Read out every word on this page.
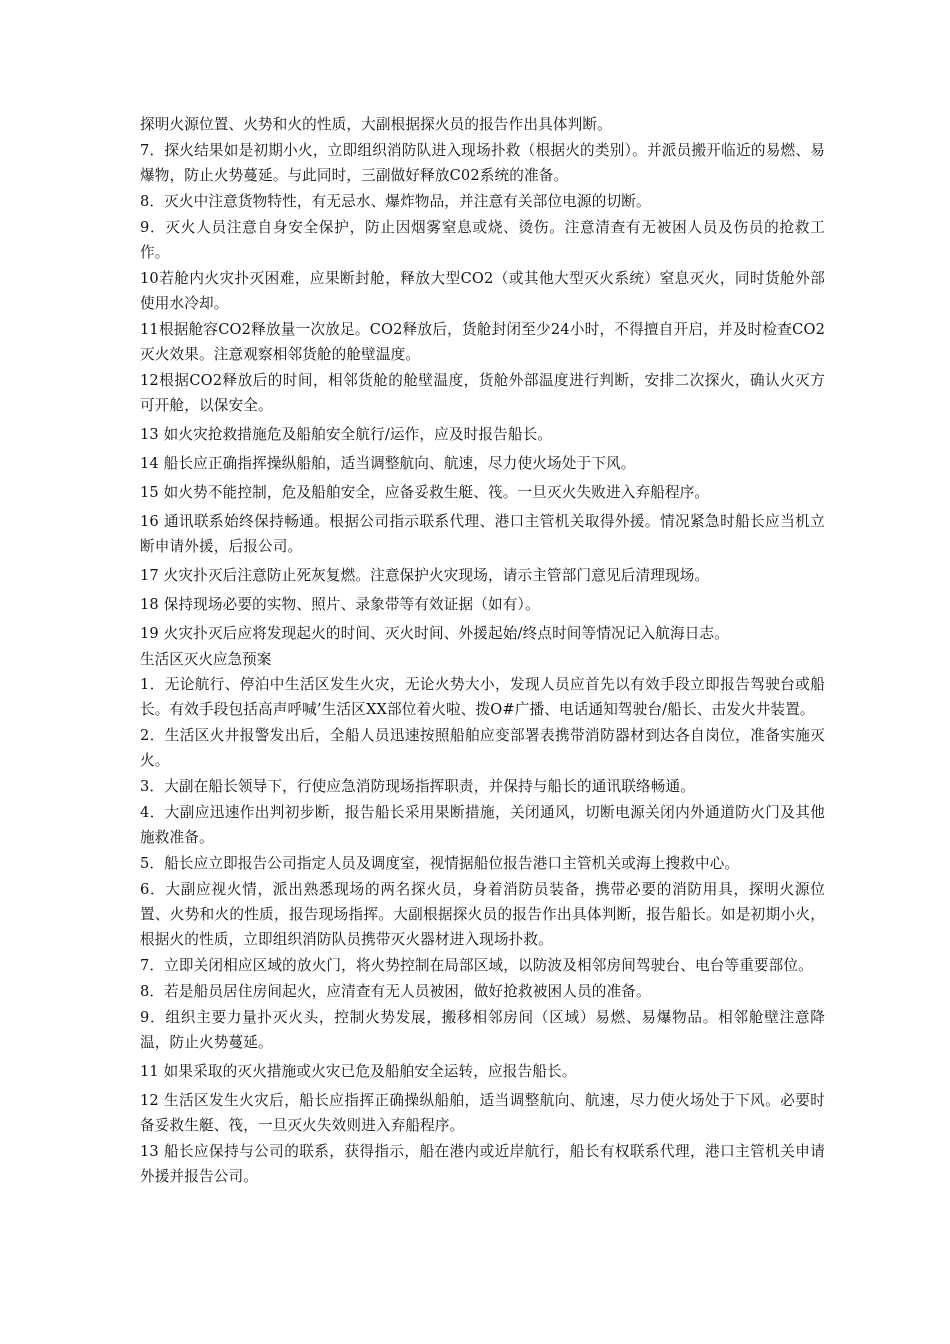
探明火源位置、火势和火的性质，大副根据探火员的报告作出具体判断。

7．探火结果如是初期小火，立即组织消防队进入现场扑救（根据火的类别）。并派员搬开临近的易燃、易爆物，防止火势蔓延。与此同时，三副做好释放C02系统的准备。

8．灭火中注意货物特性，有无忌水、爆炸物品，并注意有关部位电源的切断。

9．灭火人员注意自身安全保护，防止因烟雾窒息或烧、烫伤。注意清查有无被困人员及伤员的抢救工作。

10若舱内火灾扑灭困难，应果断封舱，释放大型CO2（或其他大型灭火系统）窒息灭火，同时货舱外部使用水冷却。

11根据舱容CO2释放量一次放足。CO2释放后，货舱封闭至少24小时，不得擅自开启，并及时检查CO2灭火效果。注意观察相邻货舱的舱壁温度。

12根据CO2释放后的时间，相邻货舱的舱壁温度，货舱外部温度进行判断，安排二次探火，确认火灭方可开舱，以保安全。

13 如火灾抢救措施危及船舶安全航行/运作，应及时报告船长。

14 船长应正确指挥操纵船舶，适当调整航向、航速，尽力使火场处于下风。

15 如火势不能控制，危及船舶安全，应备妥救生艇、筏。一旦灭火失败进入弃船程序。

16 通讯联系始终保持畅通。根据公司指示联系代理、港口主管机关取得外援。情况紧急时船长应当机立断申请外援，后报公司。

17 火灾扑灭后注意防止死灰复燃。注意保护火灾现场，请示主管部门意见后清理现场。

18 保持现场必要的实物、照片、录象带等有效证据（如有）。

19 火灾扑灭后应将发现起火的时间、灭火时间、外援起始/终点时间等情况记入航海日志。

生活区灭火应急预案

1．无论航行、停泊中生活区发生火灾，无论火势大小，发现人员应首先以有效手段立即报告驾驶台或船长。有效手段包括高声呼喊’生活区XX部位着火啦、拨O#广播、电话通知驾驶台/船长、击发火井装置。

2．生活区火井报警发出后，全船人员迅速按照船舶应变部署表携带消防器材到达各自岗位，准备实施灭火。

3．大副在船长领导下，行使应急消防现场指挥职责，并保持与船长的通讯联络畅通。

4．大副应迅速作出判初步断，报告船长采用果断措施，关闭通风，切断电源关闭内外通道防火门及其他施救准备。

5．船长应立即报告公司指定人员及调度室，视情据船位报告港口主管机关或海上搜救中心。

6．大副应视火情，派出熟悉现场的两名探火员，身着消防员装备，携带必要的消防用具，探明火源位置、火势和火的性质，报告现场指挥。大副根据探火员的报告作出具体判断，报告船长。如是初期小火，根据火的性质，立即组织消防队员携带灭火器材进入现场扑救。

7．立即关闭相应区域的放火门，将火势控制在局部区域，以防波及相邻房间驾驶台、电台等重要部位。

8．若是船员居住房间起火，应清查有无人员被困，做好抢救被困人员的准备。

9．组织主要力量扑灭火头，控制火势发展，搬移相邻房间（区域）易燃、易爆物品。相邻舱壁注意降温，防止火势蔓延。

11 如果采取的灭火措施或火灾已危及船舶安全运转，应报告船长。

12 生活区发生火灾后，船长应指挥正确操纵船舶，适当调整航向、航速，尽力使火场处于下风。必要时备妥救生艇、筏，一旦灭火失效则进入弃船程序。

13 船长应保持与公司的联系，获得指示，船在港内或近岸航行，船长有权联系代理，港口主管机关申请外援并报告公司。
